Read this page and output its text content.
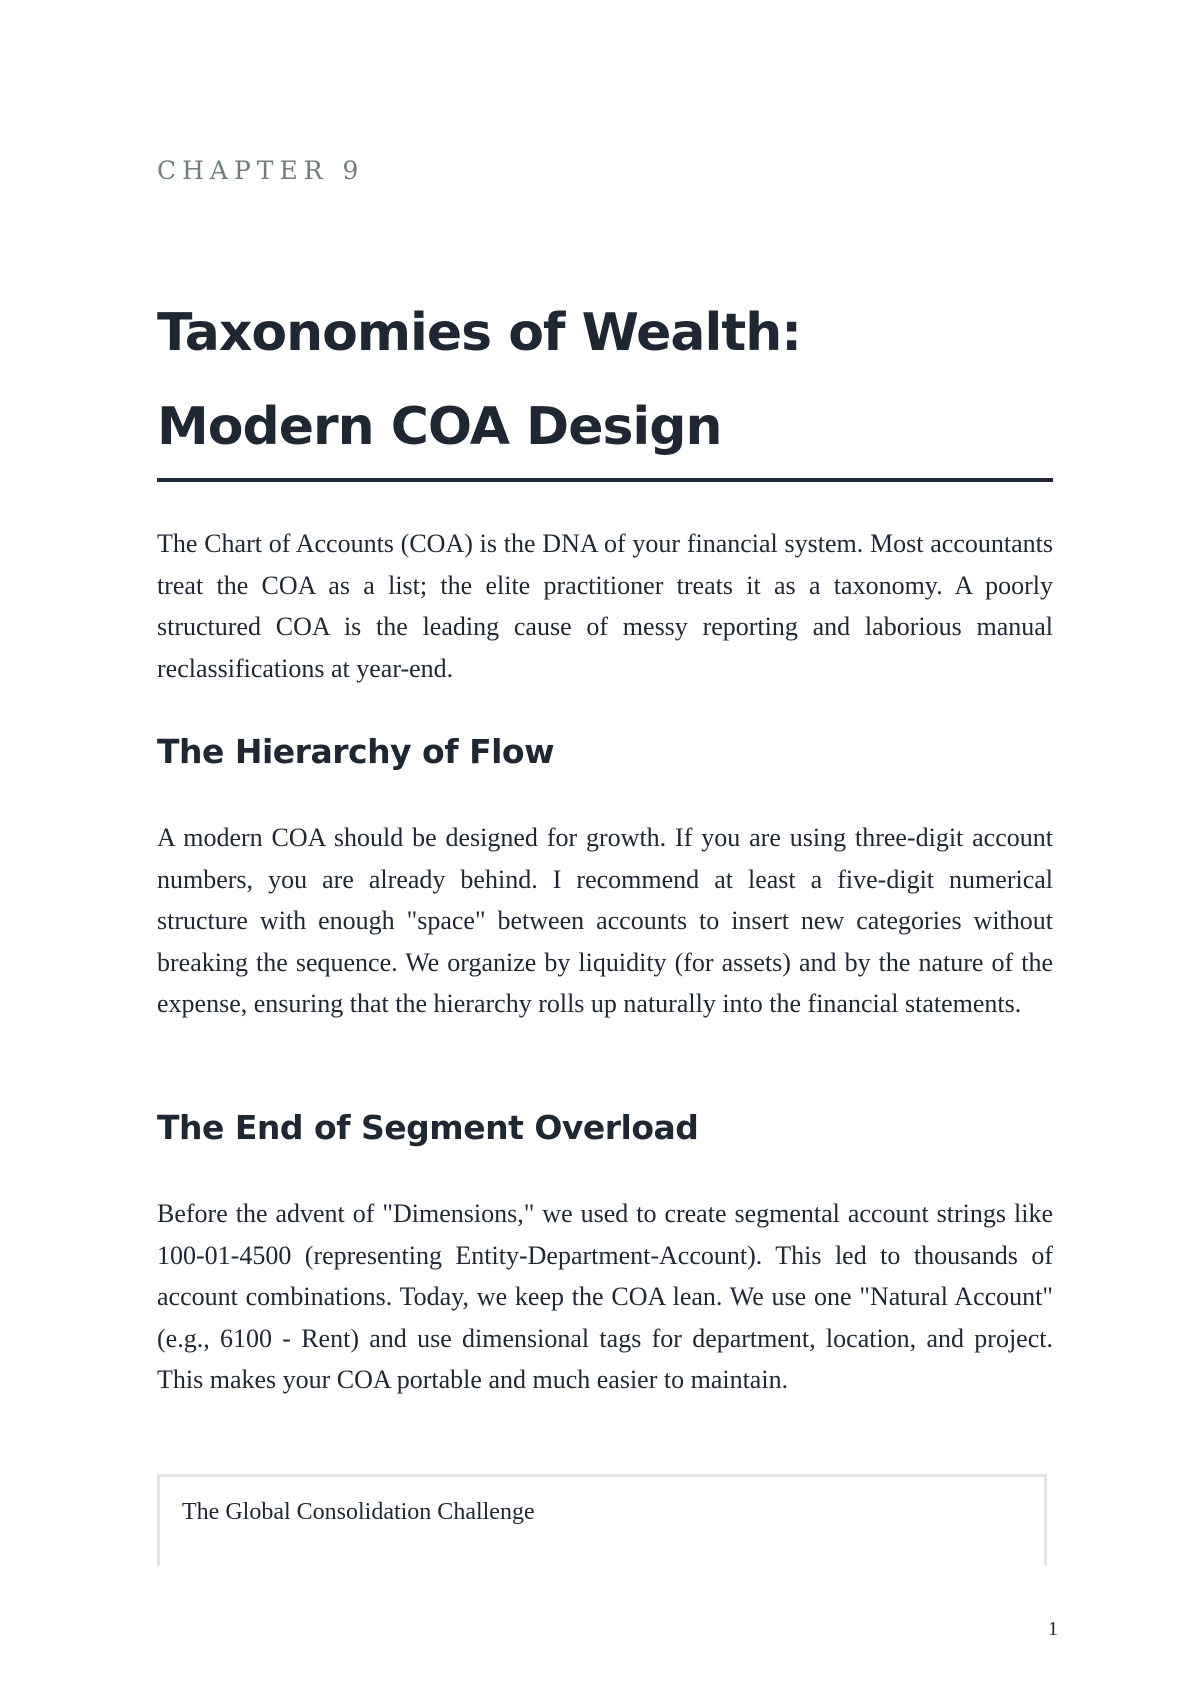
CHAPTER 9
Taxonomies of Wealth:
Modern COA Design

The Chart of Accounts (COA) is the DNA of your financial system. Most accountants treat the COA as a list; the elite practitioner treats it as a taxonomy. A poorly structured COA is the leading cause of messy reporting and laborious manual reclassifications at year-end.

The Hierarchy of Flow

A modern COA should be designed for growth. If you are using three-digit account numbers, you are already behind. I recommend at least a five-digit numerical structure with enough "space" between accounts to insert new categories without breaking the sequence. We organize by liquidity (for assets) and by the nature of the expense, ensuring that the hierarchy rolls up naturally into the financial statements.

The End of Segment Overload

Before the advent of "Dimensions," we used to create segmental account strings like 100-01-4500 (representing Entity-Department-Account). This led to thousands of account combinations. Today, we keep the COA lean. We use one "Natural Account" (e.g., 6100 - Rent) and use dimensional tags for department, location, and project. This makes your COA portable and much easier to maintain.

The Global Consolidation Challenge
1
